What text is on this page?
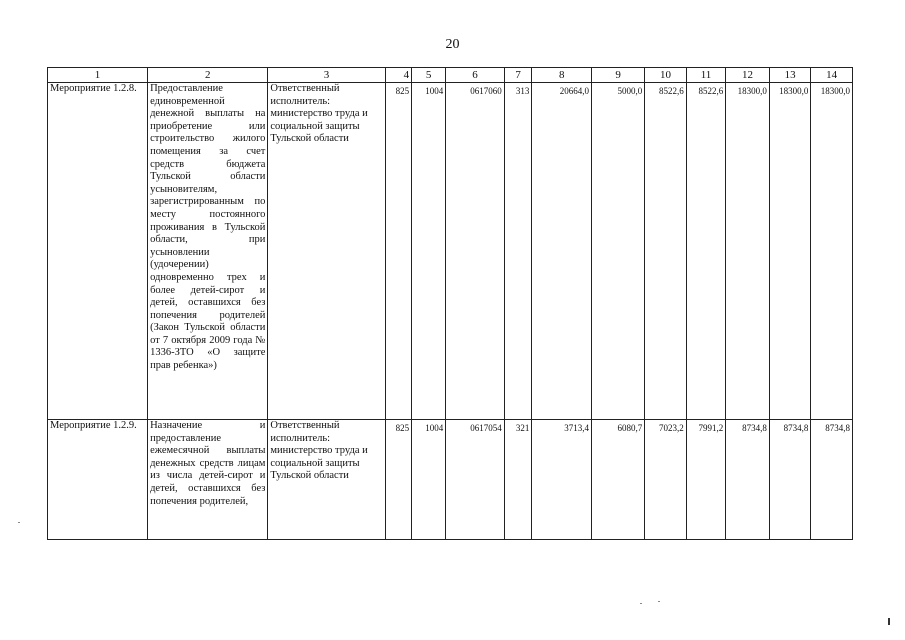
20
1	2	3	4	5	6	7	8	9	10	11	12	13	14
Мероприятие 1.2.8.	Предоставление единовременной денежной выплаты на приобретение или строительство жилого помещения за счет средств бюджета Тульской области усыновителям, зарегистрированным по месту постоянного проживания в Тульской области, при усыновлении (удочерении) одновременно трех и более детей-сирот и детей, оставшихся без попечения родителей (Закон Тульской области от 7 октября 2009 года № 1336-ЗТО «О защите прав ребенка»)	Ответственный исполнитель: министерство труда и социальной защиты Тульской области	825	1004	0617060	313	20664,0	5000,0	8522,6	8522,6	18300,0	18300,0	18300,0
Мероприятие 1.2.9.	Назначение и предоставление ежемесячной выплаты денежных средств лицам из числа детей-сирот и детей, оставшихся без попечения родителей,	Ответственный исполнитель: министерство труда и социальной защиты Тульской области	825	1004	0617054	321	3713,4	6080,7	7023,2	7991,2	8734,8	8734,8	8734,8
